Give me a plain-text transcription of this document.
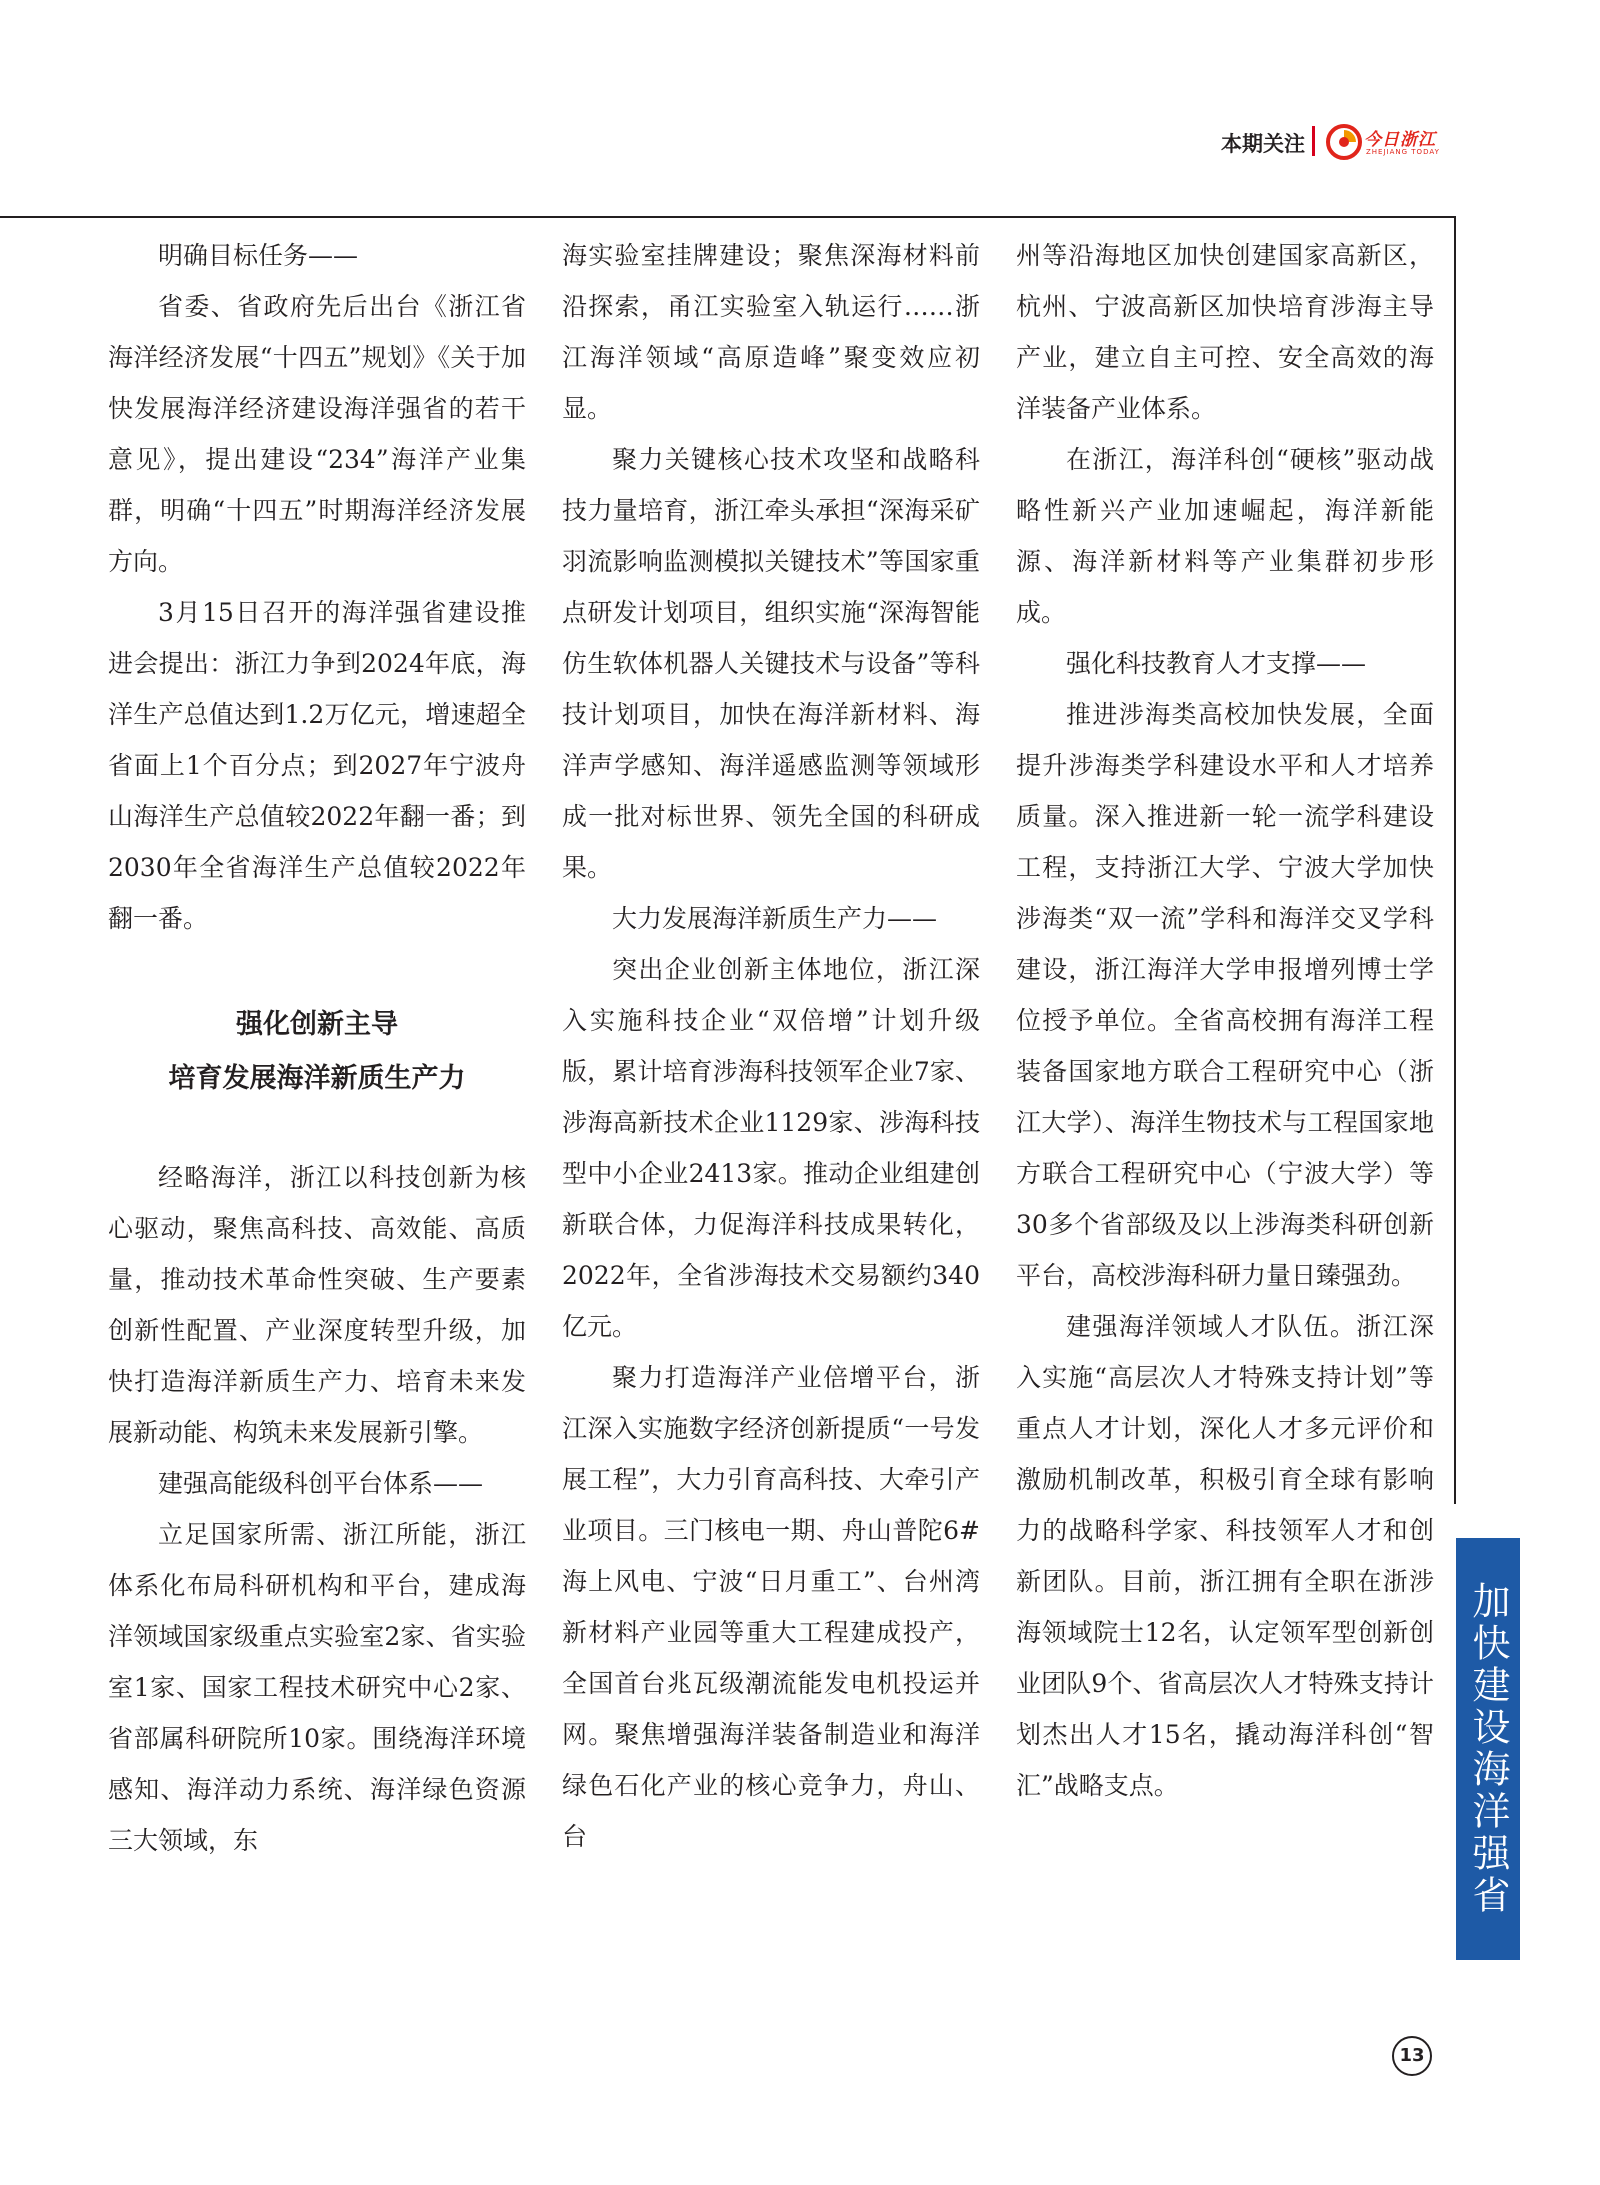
本期关注	今日浙江
ZHEJIANG TODAY

明确目标任务——

省委、省政府先后出台《浙江省海洋经济发展“十四五”规划》《关于加快发展海洋经济建设海洋强省的若干意见》，提出建设“234”海洋产业集群，明确“十四五”时期海洋经济发展方向。

3月15日召开的海洋强省建设推进会提出：浙江力争到2024年底，海洋生产总值达到1.2万亿元，增速超全省面上1个百分点；到2027年宁波舟山海洋生产总值较2022年翻一番；到2030年全省海洋生产总值较2022年翻一番。

强化创新主导
培育发展海洋新质生产力

经略海洋，浙江以科技创新为核心驱动，聚焦高科技、高效能、高质量，推动技术革命性突破、生产要素创新性配置、产业深度转型升级，加快打造海洋新质生产力、培育未来发展新动能、构筑未来发展新引擎。

建强高能级科创平台体系——

立足国家所需、浙江所能，浙江体系化布局科研机构和平台，建成海洋领域国家级重点实验室2家、省实验室1家、国家工程技术研究中心2家、省部属科研院所10家。围绕海洋环境感知、海洋动力系统、海洋绿色资源三大领域，东

海实验室挂牌建设；聚焦深海材料前沿探索，甬江实验室入轨运行……浙江海洋领域“高原造峰”聚变效应初显。

聚力关键核心技术攻坚和战略科技力量培育，浙江牵头承担“深海采矿羽流影响监测模拟关键技术”等国家重点研发计划项目，组织实施“深海智能仿生软体机器人关键技术与设备”等科技计划项目，加快在海洋新材料、海洋声学感知、海洋遥感监测等领域形成一批对标世界、领先全国的科研成果。

大力发展海洋新质生产力——

突出企业创新主体地位，浙江深入实施科技企业“双倍增”计划升级版，累计培育涉海科技领军企业7家、涉海高新技术企业1129家、涉海科技型中小企业2413家。推动企业组建创新联合体，力促海洋科技成果转化，2022年，全省涉海技术交易额约340亿元。

聚力打造海洋产业倍增平台，浙江深入实施数字经济创新提质“一号发展工程”，大力引育高科技、大牵引产业项目。三门核电一期、舟山普陀6#海上风电、宁波“日月重工”、台州湾新材料产业园等重大工程建成投产，全国首台兆瓦级潮流能发电机投运并网。聚焦增强海洋装备制造业和海洋绿色石化产业的核心竞争力，舟山、台

州等沿海地区加快创建国家高新区，杭州、宁波高新区加快培育涉海主导产业，建立自主可控、安全高效的海洋装备产业体系。

在浙江，海洋科创“硬核”驱动战略性新兴产业加速崛起，海洋新能源、海洋新材料等产业集群初步形成。

强化科技教育人才支撑——

推进涉海类高校加快发展，全面提升涉海类学科建设水平和人才培养质量。深入推进新一轮一流学科建设工程，支持浙江大学、宁波大学加快涉海类“双一流”学科和海洋交叉学科建设，浙江海洋大学申报增列博士学位授予单位。全省高校拥有海洋工程装备国家地方联合工程研究中心（浙江大学）、海洋生物技术与工程国家地方联合工程研究中心（宁波大学）等30多个省部级及以上涉海类科研创新平台，高校涉海科研力量日臻强劲。

建强海洋领域人才队伍。浙江深入实施“高层次人才特殊支持计划”等重点人才计划，深化人才多元评价和激励机制改革，积极引育全球有影响力的战略科学家、科技领军人才和创新团队。目前，浙江拥有全职在浙涉海领域院士12名，认定领军型创新创业团队9个、省高层次人才特殊支持计划杰出人才15名，撬动海洋科创“智汇”战略支点。	加快建设海洋强省
13
